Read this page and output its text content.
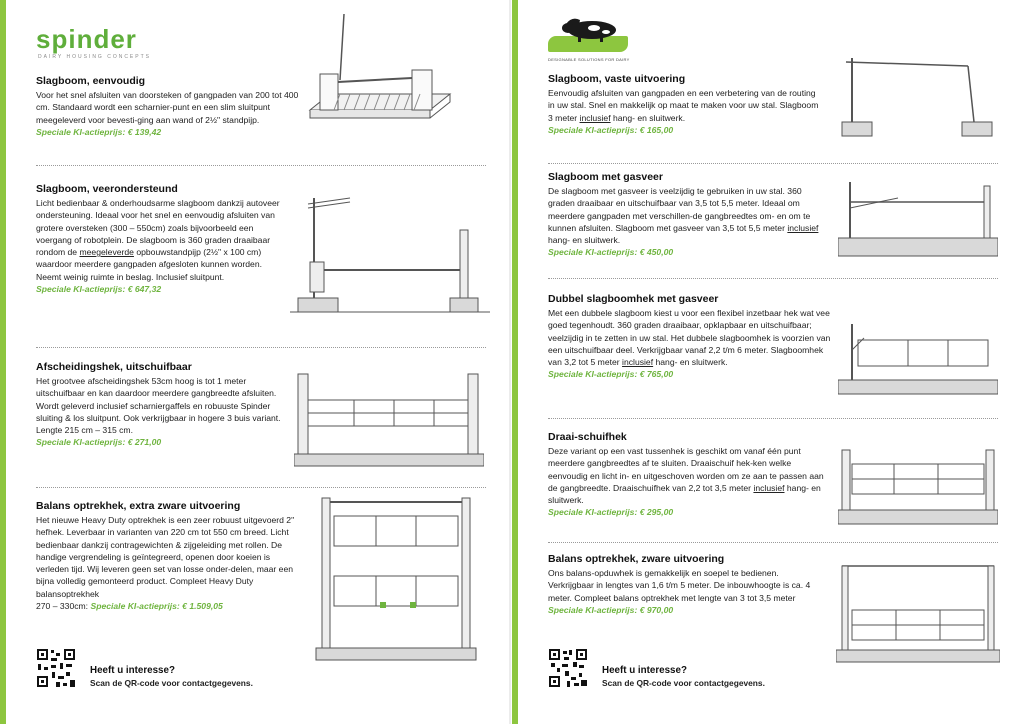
spinder
DAIRY HOUSING CONCEPTS	DESIGNABLE SOLUTIONS FOR DAIRY
Slagboom, eenvoudig
Voor het snel afsluiten van doorsteken of gangpaden van 200 tot 400 cm. Standaard wordt een scharnier-punt en een slim sluitpunt meegeleverd voor bevesti-ging aan wand of 2½" standpijp.
Speciale KI-actieprijs: € 139,42
Slagboom, veerondersteund
Licht bedienbaar & onderhoudsarme slagboom dankzij autoveer ondersteuning. Ideaal voor het snel en eenvoudig afsluiten van grotere oversteken (300 – 550cm) zoals bijvoorbeeld een voergang of robotplein. De slagboom is 360 graden draaibaar rondom de meegeleverde opbouwstandpijp (2½" x 100 cm) waardoor meerdere gangpaden afgesloten kunnen worden. Neemt weinig ruimte in beslag. Inclusief sluitpunt.
Speciale KI-actieprijs: € 647,32
Afscheidingshek, uitschuifbaar
Het grootvee afscheidingshek 53cm hoog is tot 1 meter uitschuifbaar en kan daardoor meerdere gangbreedte afsluiten. Wordt geleverd inclusief scharniergaffels en robuuste Spinder sluiting & los sluitpunt. Ook verkrijgbaar in hogere 3 buis variant. Lengte 215 cm – 315 cm.
Speciale KI-actieprijs: € 271,00
Balans optrekhek, extra zware uitvoering
Het nieuwe Heavy Duty optrekhek is een zeer robuust uitgevoerd 2" hefhek. Leverbaar in varianten van 220 cm tot 550 cm breed. Licht bedienbaar dankzij contragewichten & zijgeleiding met rollen. De handige vergrendeling is geïntegreerd, openen door koeien is verleden tijd. Wij leveren geen set van losse onder-delen, maar een bijna volledig gemonteerd product. Compleet Heavy Duty balansoptrekhek
270 – 330cm: Speciale KI-actieprijs: € 1.509,05
Heeft u interesse?
Scan de QR-code voor contactgegevens.
Slagboom, vaste uitvoering
Eenvoudig afsluiten van gangpaden en een verbetering van de routing in uw stal. Snel en makkelijk op maat te maken voor uw stal. Slagboom 3 meter inclusief hang- en sluitwerk.
Speciale KI-actieprijs: € 165,00
Slagboom met gasveer
De slagboom met gasveer is veelzijdig te gebruiken in uw stal. 360 graden draaibaar en uitschuifbaar van 3,5 tot 5,5 meter. Ideaal om meerdere gangpaden met verschillen-de gangbreedtes om- en om te kunnen afsluiten. Slagboom met gasveer van 3,5 tot 5,5 meter inclusief hang- en sluitwerk.
Speciale KI-actieprijs: € 450,00
Dubbel slagboomhek met gasveer
Met een dubbele slagboom kiest u voor een flexibel inzetbaar hek wat vee goed tegenhoudt. 360 graden draaibaar, opklapbaar en uitschuifbaar; veelzijdig in te zetten in uw stal. Het dubbele slagboomhek is voorzien van een uitschuifbaar deel. Verkrijgbaar vanaf 2,2 t/m 6 meter. Slagboomhek van 3,2 tot 5 meter inclusief hang- en sluitwerk.
Speciale KI-actieprijs: € 765,00
Draai-schuifhek
Deze variant op een vast tussenhek is geschikt om vanaf één punt meerdere gangbreedtes af te sluiten. Draaischuif hek-ken welke eenvoudig en licht in- en uitgeschoven worden om ze aan te passen aan de gangbreedte. Draaischuifhek van 2,2 tot 3,5 meter inclusief hang- en sluitwerk.
Speciale KI-actieprijs: € 295,00
Balans optrekhek, zware uitvoering
Ons balans-opduwhek is gemakkelijk en soepel te bedienen. Verkrijgbaar in lengtes van 1,6 t/m 5 meter. De inbouwhoogte is ca. 4 meter. Compleet balans optrekhek met lengte van 3 tot 3,5 meter
Speciale KI-actieprijs: € 970,00
Heeft u interesse?
Scan de QR-code voor contactgegevens.
